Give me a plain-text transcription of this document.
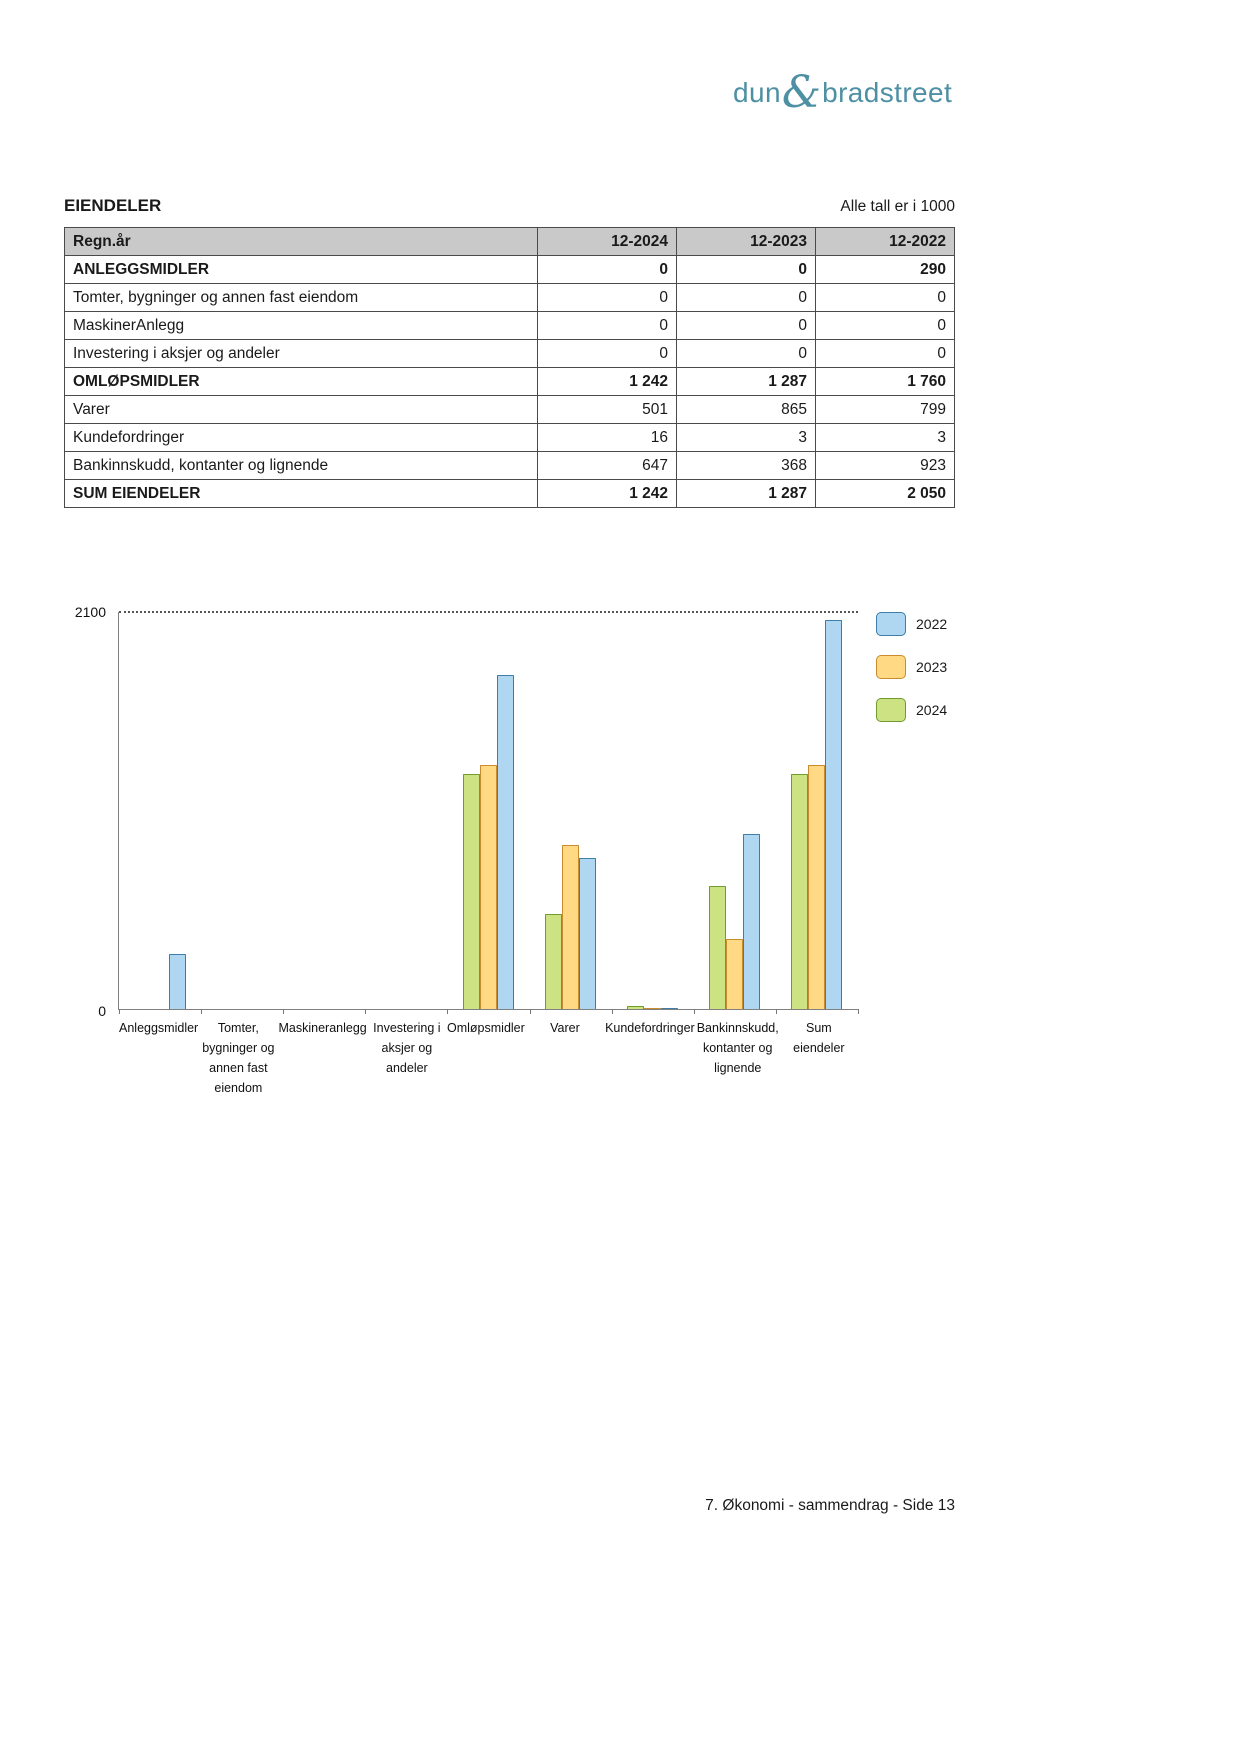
dun & bradstreet
EIENDELER	Alle tall er i 1000
Regn.år	12-2024	12-2023	12-2022
ANLEGGSMIDLER	0	0	290
Tomter, bygninger og annen fast eiendom	0	0	0
MaskinerAnlegg	0	0	0
Investering i aksjer og andeler	0	0	0
OMLØPSMIDLER	1 242	1 287	1 760
Varer	501	865	799
Kundefordringer	16	3	3
Bankinnskudd, kontanter og lignende	647	368	923
SUM EIENDELER	1 242	1 287	2 050
2100
0
Anleggsmidler	Tomter, bygninger og annen fast eiendom
Maskineranlegg Investering i aksjer og andeler
Omløpsmidler	Varer	Kundefordringer Bankinnskudd, kontanter og lignende
Sum eiendeler
2022
2023
2024
7. Økonomi - sammendrag - Side 13
